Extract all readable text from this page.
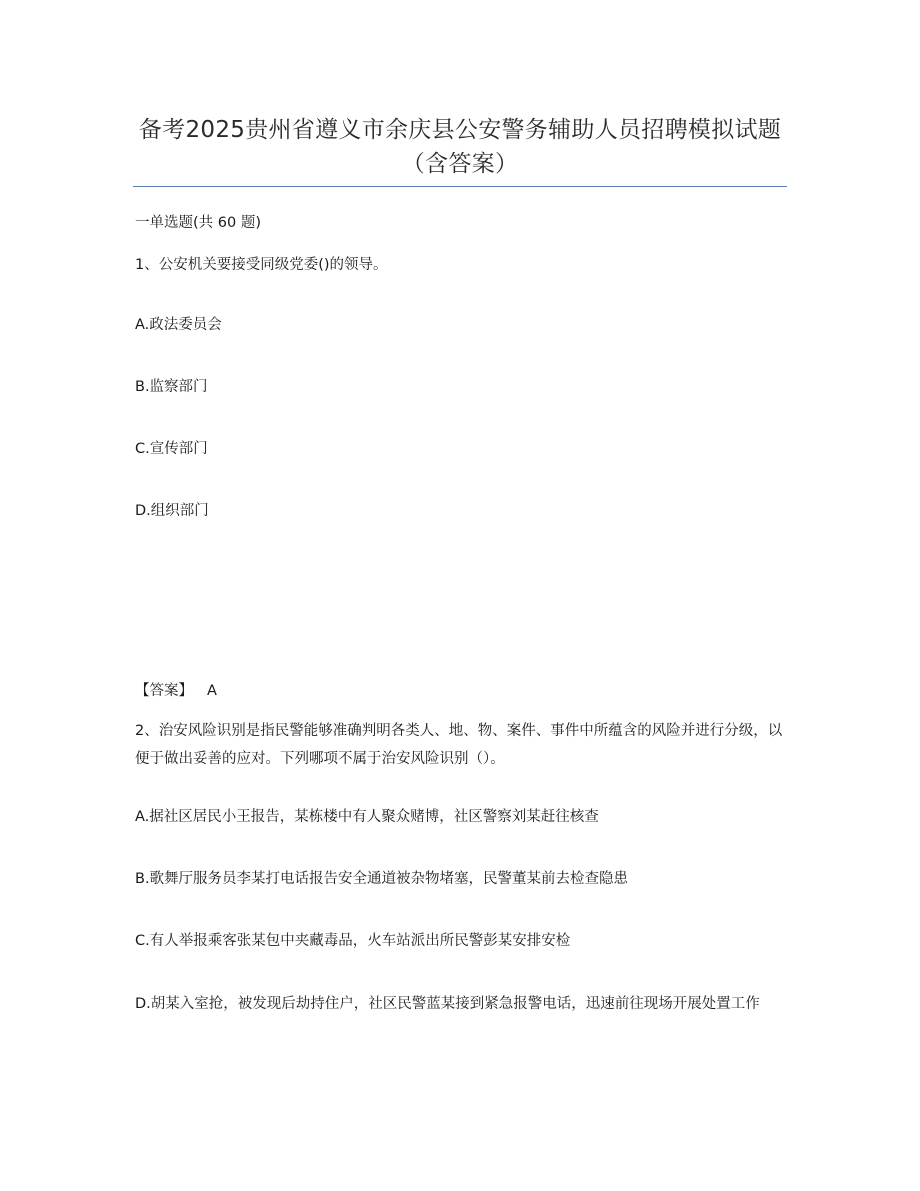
备考2025贵州省遵义市余庆县公安警务辅助人员招聘模拟试题（含答案）
一单选题(共 60 题)
1、公安机关要接受同级党委()的领导。
A.政法委员会
B.监察部门
C.宣传部门
D.组织部门
【答案】 A
2、治安风险识别是指民警能够准确判明各类人、地、物、案件、事件中所蕴含的风险并进行分级，以便于做出妥善的应对。下列哪项不属于治安风险识别（）。
A.据社区居民小王报告，某栋楼中有人聚众赌博，社区警察刘某赶往核查
B.歌舞厅服务员李某打电话报告安全通道被杂物堵塞，民警董某前去检查隐患
C.有人举报乘客张某包中夹藏毒品，火车站派出所民警彭某安排安检
D.胡某入室抢，被发现后劫持住户，社区民警蓝某接到紧急报警电话，迅速前往现场开展处置工作
